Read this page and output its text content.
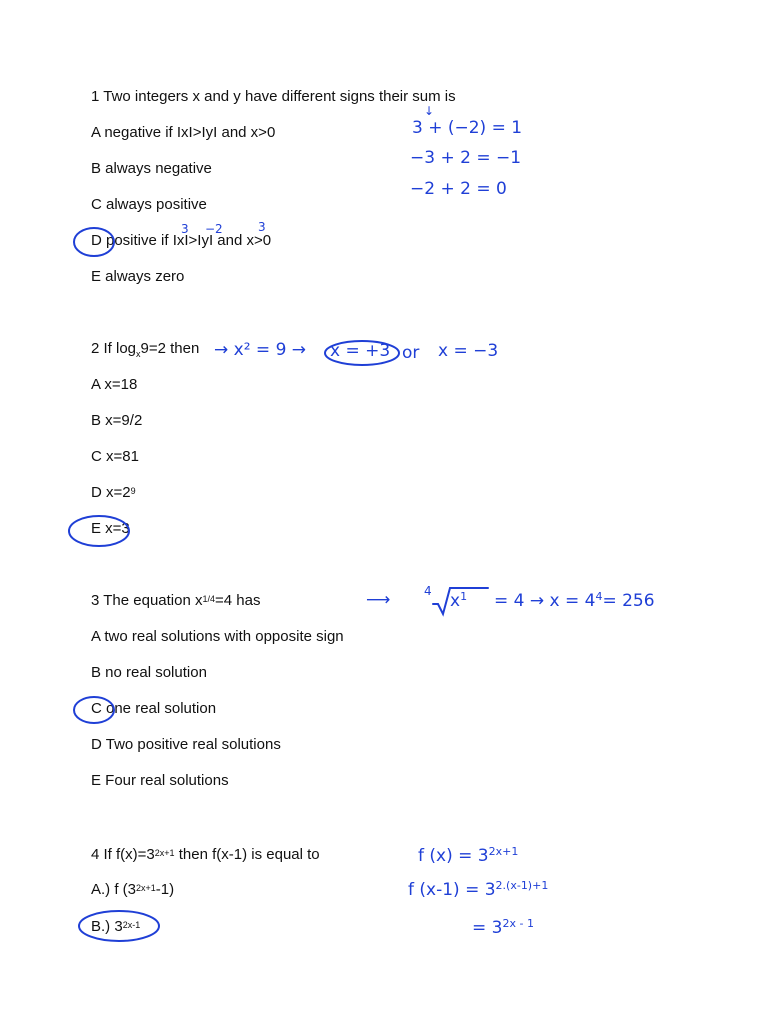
1 Two integers x and y have different signs their sum is
A negative if IxI>IyI and x>0
B always negative
C always positive
D positive if IxI>IyI and x>0
E always zero
↓
3 + (−2) = 1
−3 + 2 = −1
−2 + 2 = 0
3 −2	3
2 If $\log_x9=2$ then
A x=18
B x=9/2
C x=81
D $x=2^9$
E x=3
→ x² = 9 → x = +3 or x = −3
3 The equation $x^{1/4}=4$ has
A two real solutions with opposite sign
B no real solution
C one real solution
D Two positive real solutions
E Four real solutions
⟶	4 $x^1 = 4 \to x = 4^4= 256$
4 If $f(x)=3^{2x+1}$ then f(x-1) is equal to
A.) f $(3^{2x+1}-1)$
B.) $3^{2x-1}$
f $(x) = 3^{2x+1}$
f $(x-1) = 3^{2.(x-1)+1}$
= $3^{2x - 1}$
